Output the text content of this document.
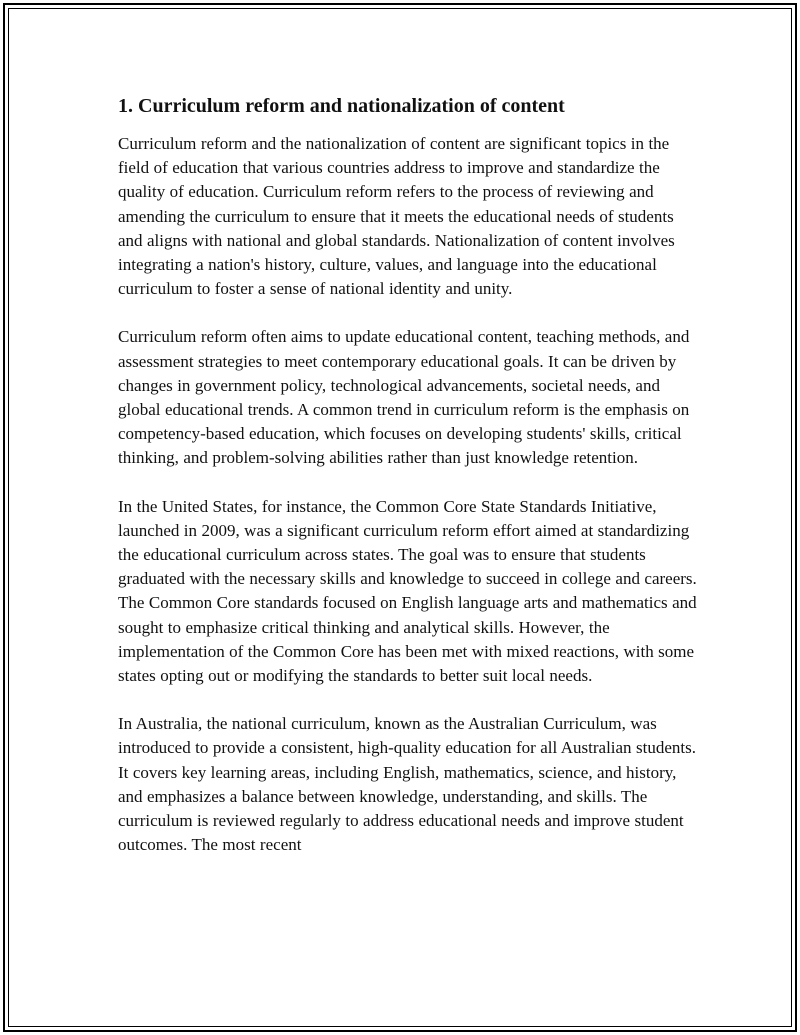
1. Curriculum reform and nationalization of content

Curriculum reform and the nationalization of content are significant topics in the field of education that various countries address to improve and standardize the quality of education. Curriculum reform refers to the process of reviewing and amending the curriculum to ensure that it meets the educational needs of students and aligns with national and global standards. Nationalization of content involves integrating a nation's history, culture, values, and language into the educational curriculum to foster a sense of national identity and unity.

Curriculum reform often aims to update educational content, teaching methods, and assessment strategies to meet contemporary educational goals. It can be driven by changes in government policy, technological advancements, societal needs, and global educational trends. A common trend in curriculum reform is the emphasis on competency-based education, which focuses on developing students' skills, critical thinking, and problem-solving abilities rather than just knowledge retention.

In the United States, for instance, the Common Core State Standards Initiative, launched in 2009, was a significant curriculum reform effort aimed at standardizing the educational curriculum across states. The goal was to ensure that students graduated with the necessary skills and knowledge to succeed in college and careers. The Common Core standards focused on English language arts and mathematics and sought to emphasize critical thinking and analytical skills. However, the implementation of the Common Core has been met with mixed reactions, with some states opting out or modifying the standards to better suit local needs.

In Australia, the national curriculum, known as the Australian Curriculum, was introduced to provide a consistent, high-quality education for all Australian students. It covers key learning areas, including English, mathematics, science, and history, and emphasizes a balance between knowledge, understanding, and skills. The curriculum is reviewed regularly to address educational needs and improve student outcomes. The most recent
